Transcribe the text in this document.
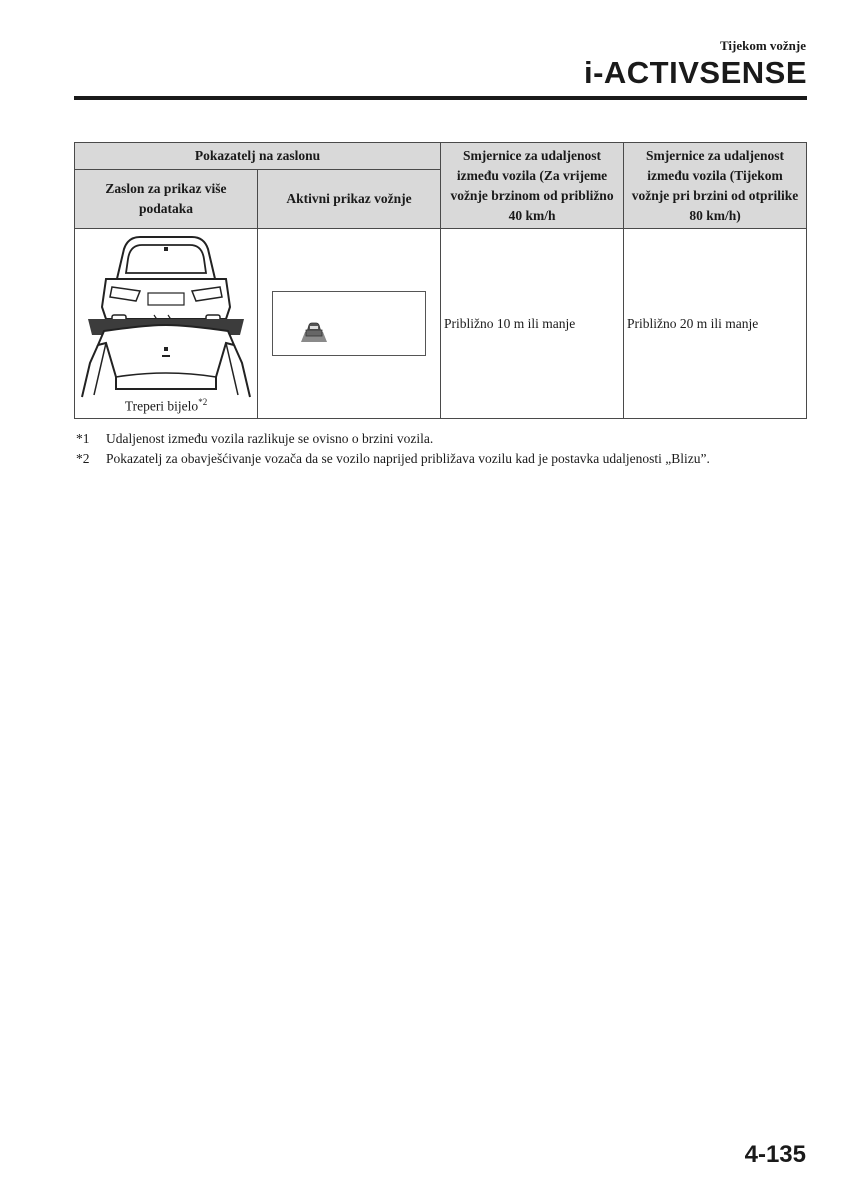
Tijekom vožnje
i-ACTIVSENSE
Pokazatelj na zaslonu		Smjernice za udaljenost između vozila (Za vrijeme vožnje brzinom od približno 40 km/h	Smjernice za udaljenost između vozila (Tijekom vožnje pri brzini od otprilike 80 km/h)
Zaslon za prikaz više podataka	Aktivni prikaz vožnje		

Treperi bijelo$^{*2}$		Približno 10 m ili manje	Približno 20 m ili manje
*1	Udaljenost između vozila razlikuje se ovisno o brzini vozila.
*2	Pokazatelj za obavješćivanje vozača da se vozilo naprijed približava vozilu kad je postavka udaljenosti „Blizu”.
4-135
